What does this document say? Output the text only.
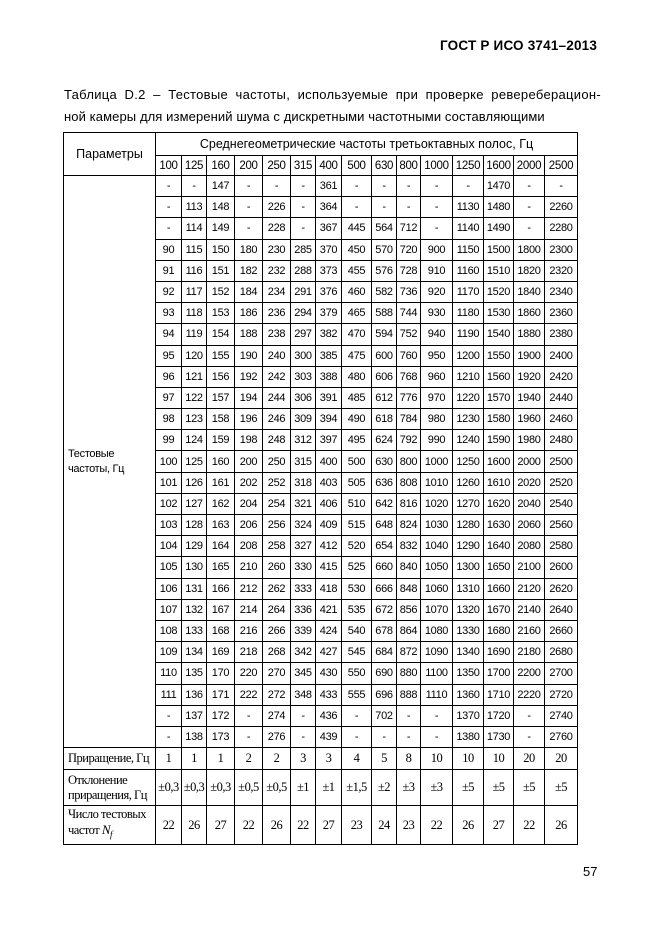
ГОСТ Р ИСО 3741–2013
Таблица D.2 – Тестовые частоты, используемые при проверке ревереберацион-
ной камеры для измерений шума с дискретными частотными составляющими
Параметры	Среднегеометрические частоты третьоктавных полос, Гц														
	100	125	160	200	250	315	400	500	630	800	1000	1250	1600	2000	2500
Тестовые частоты, Гц	-	-	147	-	-	-	361	-	-	-	-	-	1470	-	-
	-	113	148	-	226	-	364	-	-	-	-	1130	1480	-	2260
	-	114	149	-	228	-	367	445	564	712	-	1140	1490	-	2280
	90	115	150	180	230	285	370	450	570	720	900	1150	1500	1800	2300
	91	116	151	182	232	288	373	455	576	728	910	1160	1510	1820	2320
	92	117	152	184	234	291	376	460	582	736	920	1170	1520	1840	2340
	93	118	153	186	236	294	379	465	588	744	930	1180	1530	1860	2360
	94	119	154	188	238	297	382	470	594	752	940	1190	1540	1880	2380
	95	120	155	190	240	300	385	475	600	760	950	1200	1550	1900	2400
	96	121	156	192	242	303	388	480	606	768	960	1210	1560	1920	2420
	97	122	157	194	244	306	391	485	612	776	970	1220	1570	1940	2440
	98	123	158	196	246	309	394	490	618	784	980	1230	1580	1960	2460
	99	124	159	198	248	312	397	495	624	792	990	1240	1590	1980	2480
	100	125	160	200	250	315	400	500	630	800	1000	1250	1600	2000	2500
	101	126	161	202	252	318	403	505	636	808	1010	1260	1610	2020	2520
	102	127	162	204	254	321	406	510	642	816	1020	1270	1620	2040	2540
	103	128	163	206	256	324	409	515	648	824	1030	1280	1630	2060	2560
	104	129	164	208	258	327	412	520	654	832	1040	1290	1640	2080	2580
	105	130	165	210	260	330	415	525	660	840	1050	1300	1650	2100	2600
	106	131	166	212	262	333	418	530	666	848	1060	1310	1660	2120	2620
	107	132	167	214	264	336	421	535	672	856	1070	1320	1670	2140	2640
	108	133	168	216	266	339	424	540	678	864	1080	1330	1680	2160	2660
	109	134	169	218	268	342	427	545	684	872	1090	1340	1690	2180	2680
	110	135	170	220	270	345	430	550	690	880	1100	1350	1700	2200	2700
	111	136	171	222	272	348	433	555	696	888	1110	1360	1710	2220	2720
	-	137	172	-	274	-	436	-	702	-	-	1370	1720	-	2740
	-	138	173	-	276	-	439	-	-	-	-	1380	1730	-	2760
Приращение, Гц	1	1	1	2	2	3	3	4	5	8	10	10	10	20	20
Отклонение приращения, Гц	±0,3	±0,3	±0,3	±0,5	±0,5	±1	±1	±1,5	±2	±3	±3	±5	±5	±5	±5
Число тестовых частот $N_f$	22	26	27	22	26	22	27	23	24	23	22	26	27	22	26
57
